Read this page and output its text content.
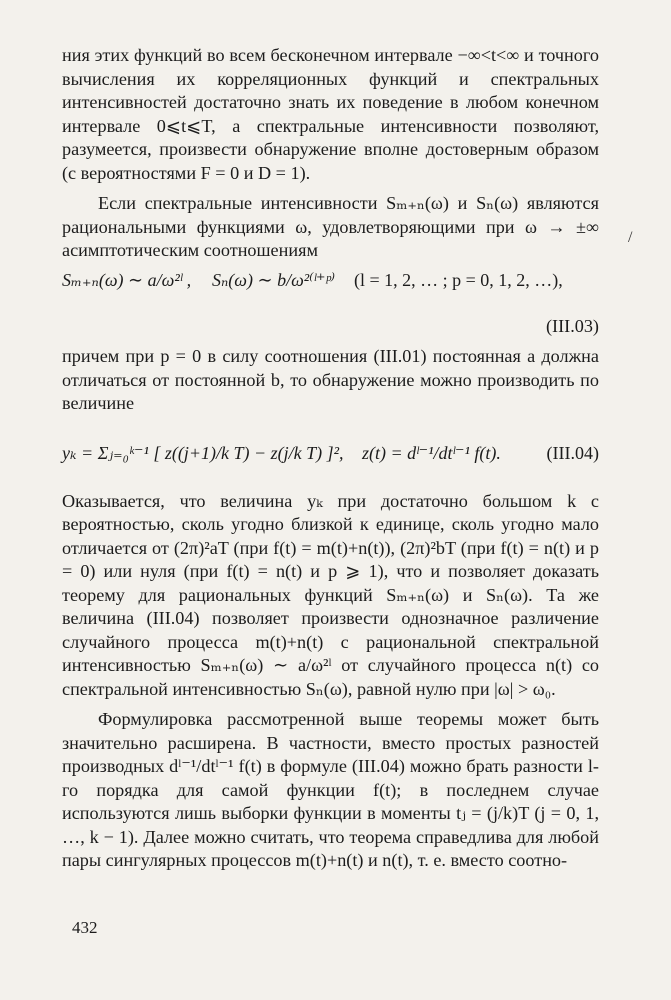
ния этих функций во всем бесконечном интервале −∞<t<∞ и точного вычисления их корреляционных функций и спектральных интенсивностей достаточно знать их поведение в любом конечном интервале 0⩽t⩽T, а спектральные интенсивности позволяют, разумеется, произвести обнаружение вполне достоверным образом (с вероятностями F = 0 и D = 1).

Если спектральные интенсивности Sₘ₊ₙ(ω) и Sₙ(ω) являются рациональными функциями ω, удовлетворяющими при ω → ±∞ асимптотическим соотношениям

Sₘ₊ₙ(ω) ∼ a/ω²ˡ , Sₙ(ω) ∼ b/ω²⁽ˡ⁺ᵖ⁾ (l = 1, 2, … ; p = 0, 1, 2, …),

(III.03)

причем при p = 0 в силу соотношения (III.01) постоянная a должна отличаться от постоянной b, то обнаружение можно производить по величине

yₖ = Σⱼ₌₀ᵏ⁻¹ [ z((j+1)/k T) − z(j/k T) ]², z(t) = dˡ⁻¹/dtˡ⁻¹ f(t).	(III.04)

Оказывается, что величина yₖ при достаточно большом k с вероятностью, сколь угодно близкой к единице, сколь угодно мало отличается от (2π)²aT (при f(t) = m(t)+n(t)), (2π)²bT (при f(t) = n(t) и p = 0) или нуля (при f(t) = n(t) и p ⩾ 1), что и позволяет доказать теорему для рациональных функций Sₘ₊ₙ(ω) и Sₙ(ω). Та же величина (III.04) позволяет произвести однозначное различение случайного процесса m(t)+n(t) с рациональной спектральной интенсивностью Sₘ₊ₙ(ω) ∼ a/ω²ˡ от случайного процесса n(t) со спектральной интенсивностью Sₙ(ω), равной нулю при |ω| > ω₀.

Формулировка рассмотренной выше теоремы может быть значительно расширена. В частности, вместо простых разностей производных dˡ⁻¹/dtˡ⁻¹ f(t) в формуле (III.04) можно брать разности l-го порядка для самой функции f(t); в последнем случае используются лишь выборки функции в моменты tⱼ = (j/k)T (j = 0, 1, …, k − 1). Далее можно считать, что теорема справедлива для любой пары сингулярных процессов m(t)+n(t) и n(t), т. е. вместо соотно-

432
/
